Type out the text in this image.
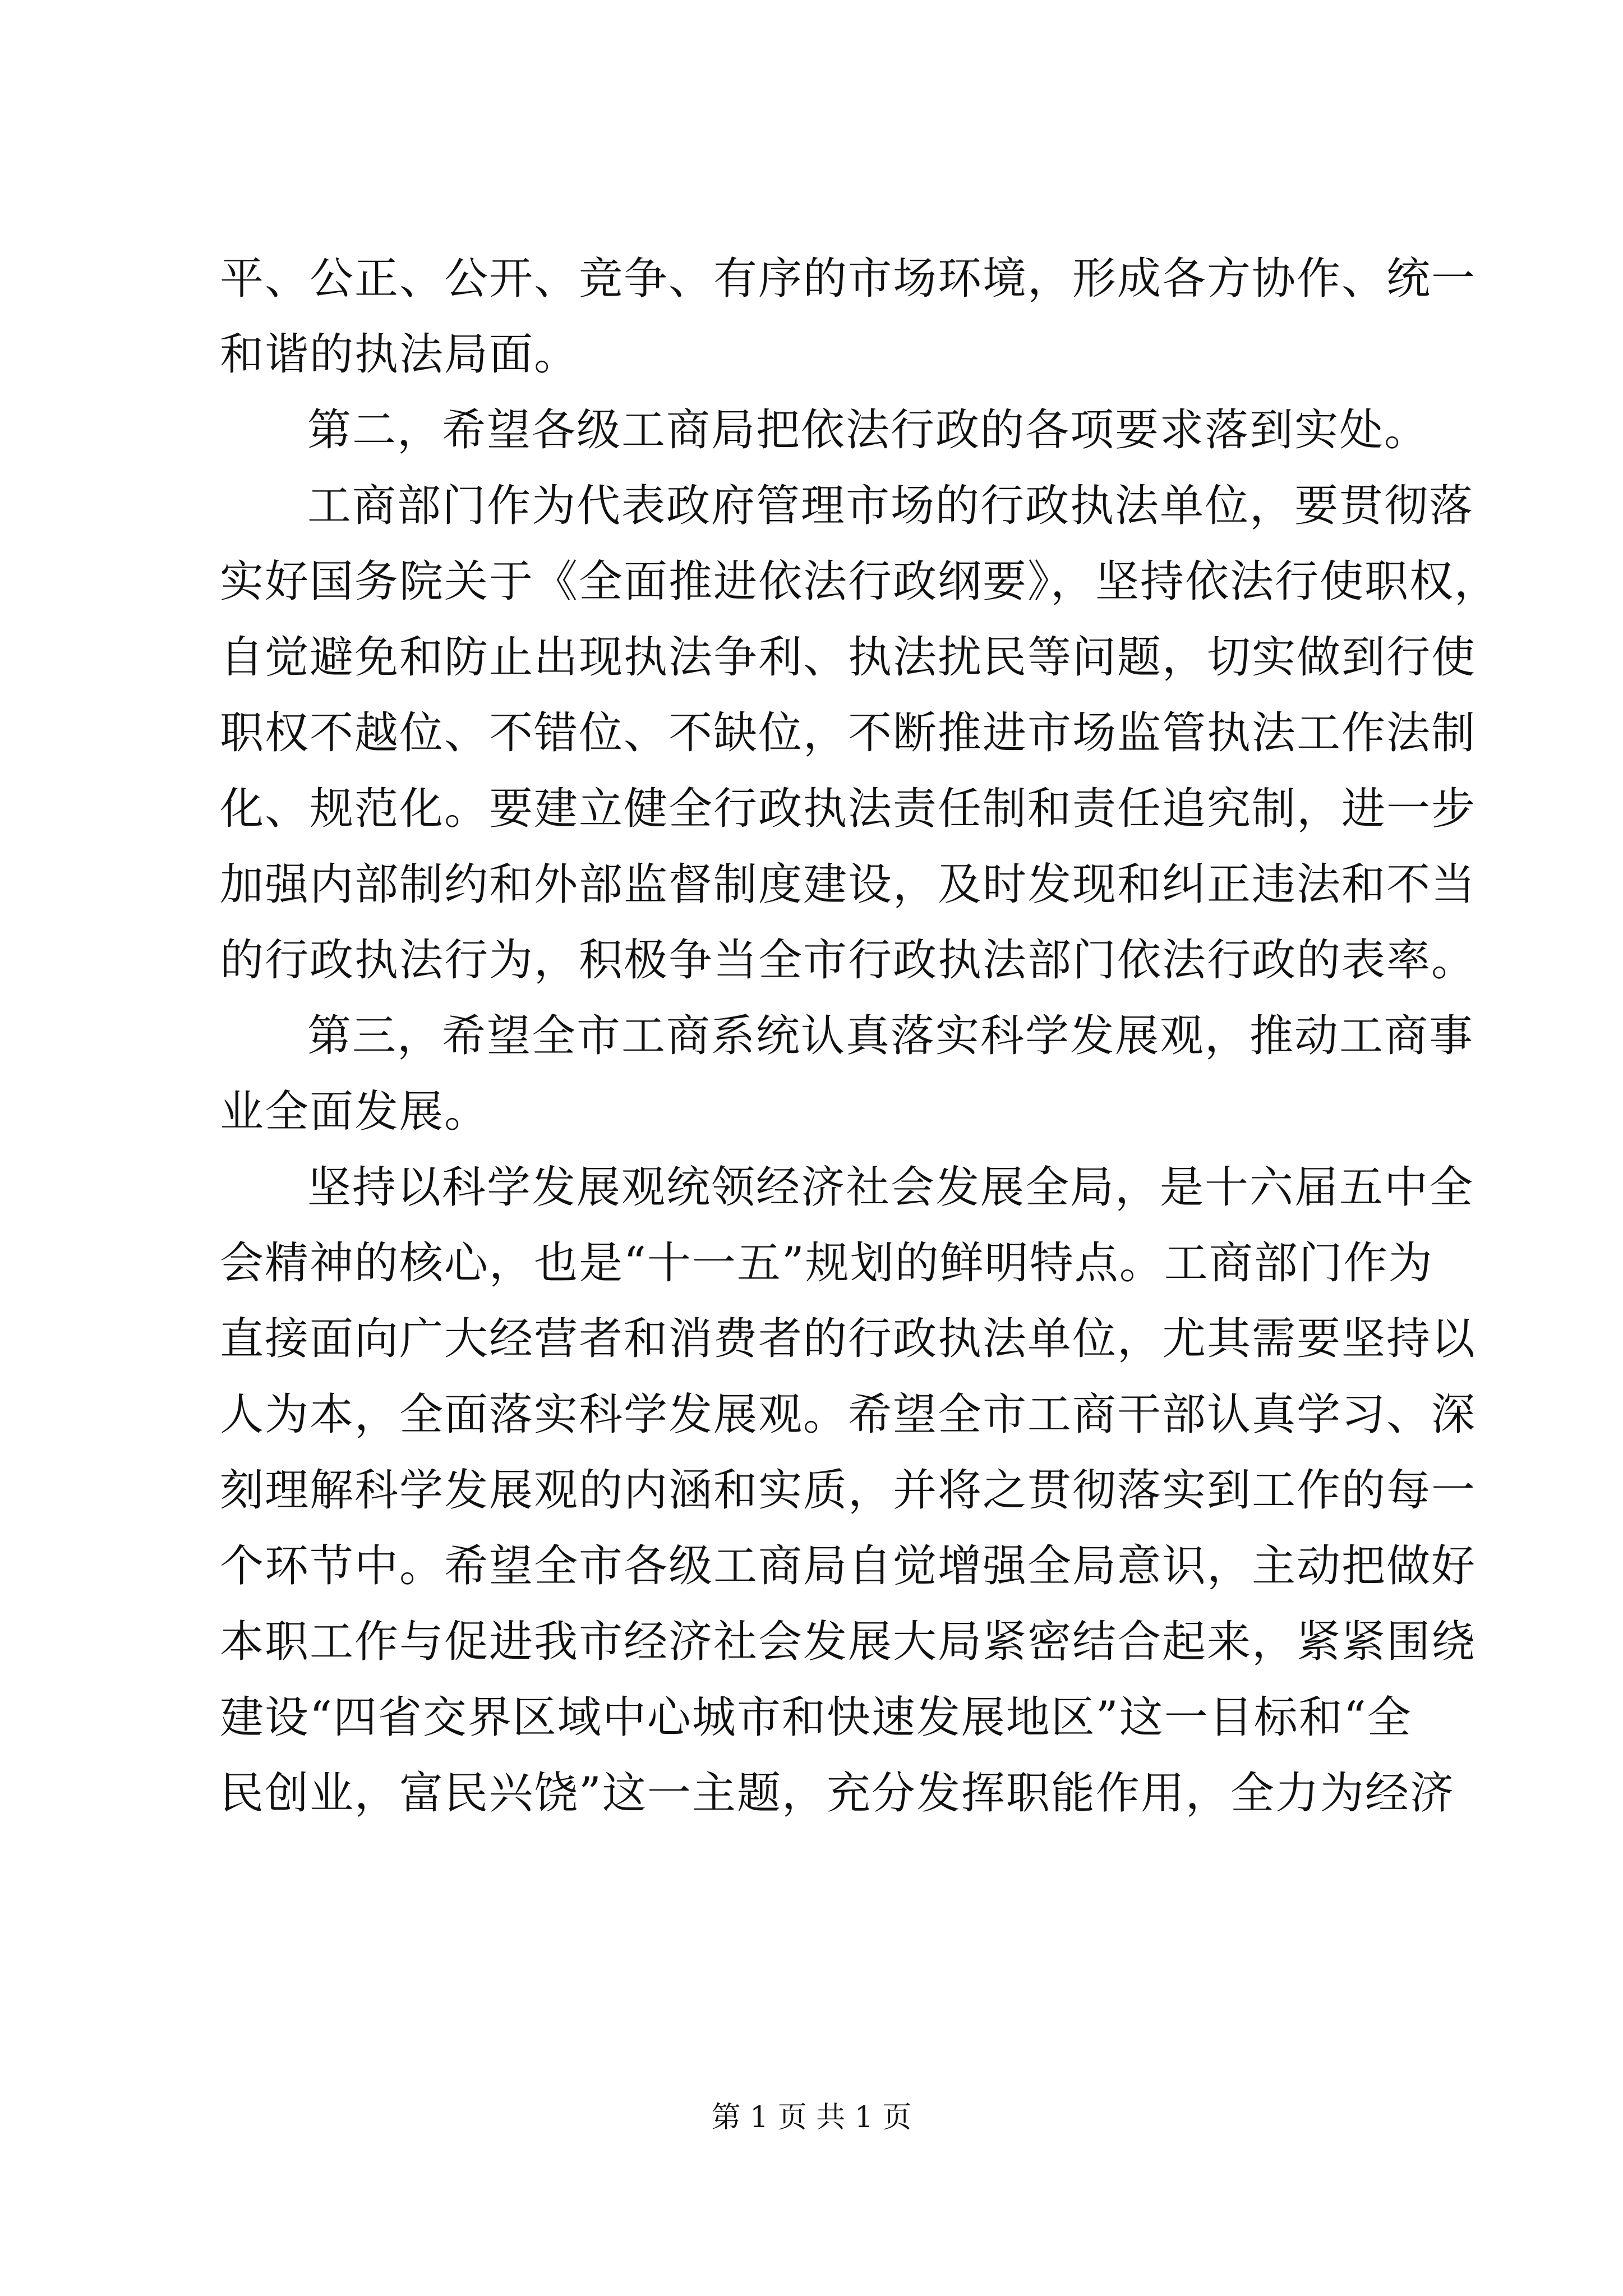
平、公正、公开、竞争、有序的市场环境，形成各方协作、统一
和谐的执法局面。
第二，希望各级工商局把依法行政的各项要求落到实处。
工商部门作为代表政府管理市场的行政执法单位，要贯彻落
实好国务院关于《全面推进依法行政纲要》，坚持依法行使职权，
自觉避免和防止出现执法争利、执法扰民等问题，切实做到行使
职权不越位、不错位、不缺位，不断推进市场监管执法工作法制
化、规范化。要建立健全行政执法责任制和责任追究制，进一步
加强内部制约和外部监督制度建设，及时发现和纠正违法和不当
的行政执法行为，积极争当全市行政执法部门依法行政的表率。
第三，希望全市工商系统认真落实科学发展观，推动工商事
业全面发展。
坚持以科学发展观统领经济社会发展全局，是十六届五中全
会精神的核心，也是“十一五”规划的鲜明特点。工商部门作为
直接面向广大经营者和消费者的行政执法单位，尤其需要坚持以
人为本，全面落实科学发展观。希望全市工商干部认真学习、深
刻理解科学发展观的内涵和实质，并将之贯彻落实到工作的每一
个环节中。希望全市各级工商局自觉增强全局意识，主动把做好
本职工作与促进我市经济社会发展大局紧密结合起来，紧紧围绕
建设“四省交界区域中心城市和快速发展地区”这一目标和“全
民创业，富民兴饶”这一主题，充分发挥职能作用，全力为经济
第 1 页 共 1 页
